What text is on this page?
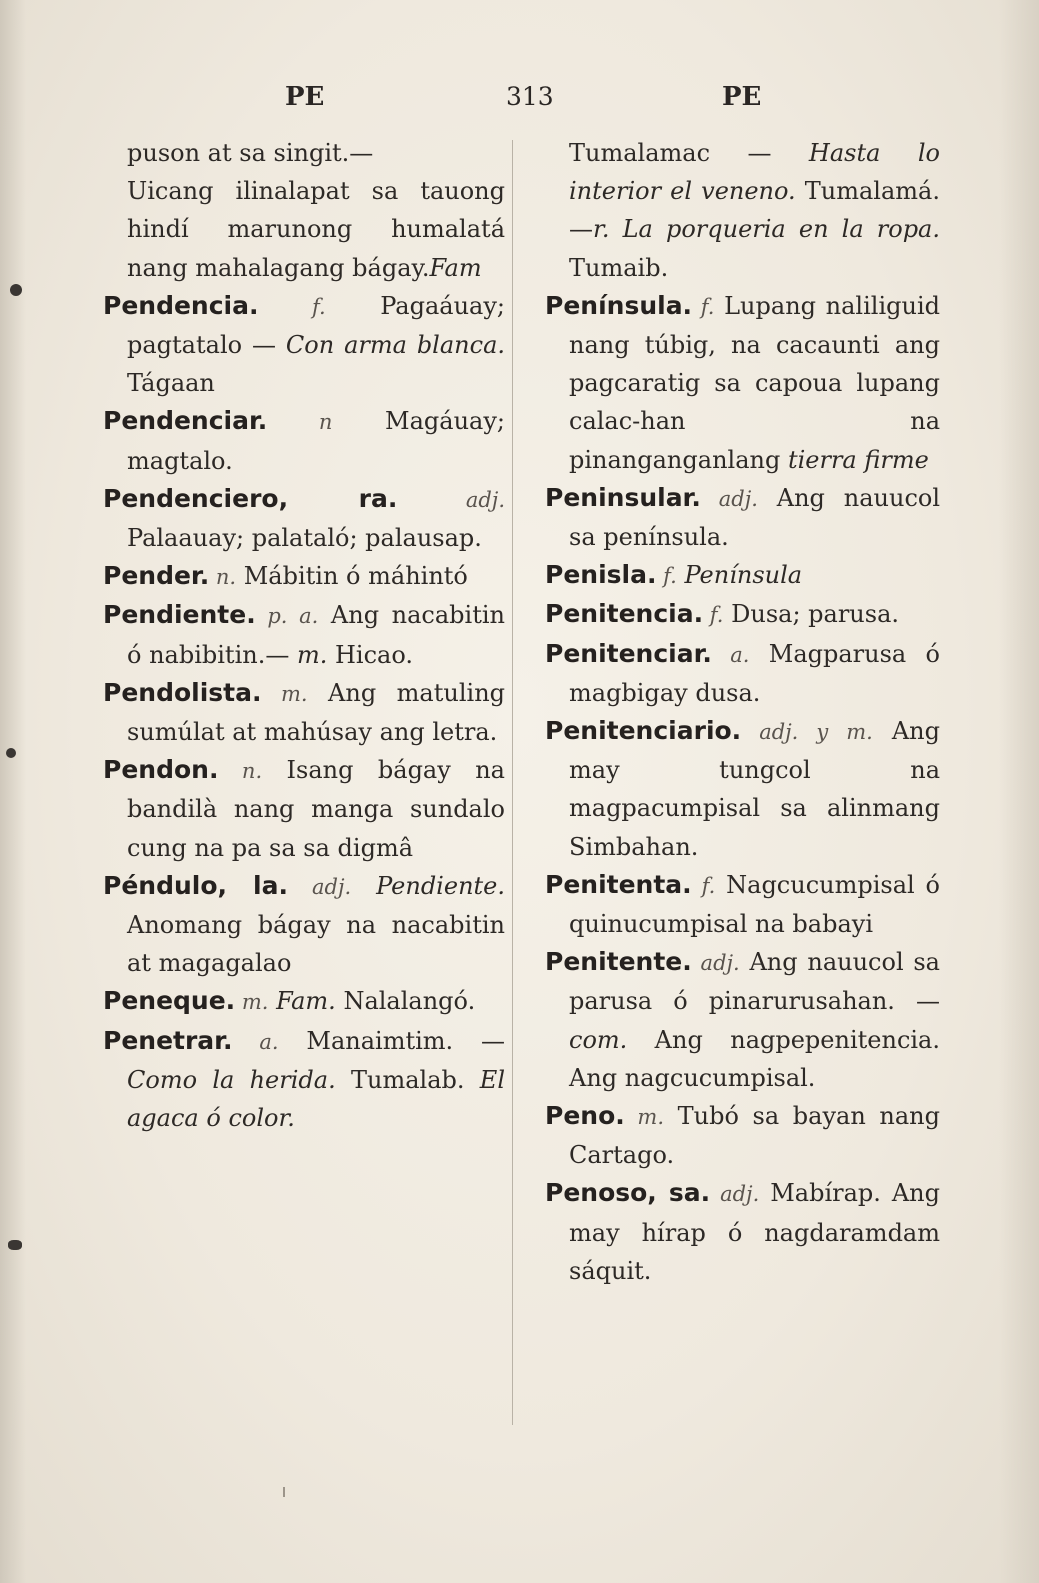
PE	313	PE

puson at sa singit.—

Uicang ilinalapat sa tauong hindí marunong humalatá nang mahalagang bágay.Fam

Pendencia. f. Pagaáuay; pagtatalo — Con arma blanca. Tágaan

Pendenciar. n Magáuay; magtalo.

Pendenciero, ra. adj. Palaauay; palataló; palausap.

Pender. n. Mábitin ó máhintó

Pendiente. p. a. Ang nacabitin ó nabibitin.— m. Hicao.

Pendolista. m. Ang matuling sumúlat at mahúsay ang letra.

Pendon. n. Isang bágay na bandilà nang manga sundalo cung na pa sa sa digmâ

Péndulo, la. adj. Pendiente. Anomang bágay na nacabitin at magagalao

Peneque. m. Fam. Nalalangó.

Penetrar. a. Manaimtim. — Como la herida. Tumalab. El agaca ó color.

Tumalamac — Hasta lo interior el veneno. Tumalamá.—r. La porqueria en la ropa. Tumaib.

Península. f. Lupang naliliguid nang túbig, na cacaunti ang pagcaratig sa capoua lupang calac-han na pinanganganlang tierra firme

Peninsular. adj. Ang nauucol sa península.

Penisla. f. Península

Penitencia. f. Dusa; parusa.

Penitenciar. a. Magparusa ó magbigay dusa.

Penitenciario. adj. y m. Ang may tungcol na magpacumpisal sa alinmang Simbahan.

Penitenta. f. Nagcucumpisal ó quinucumpisal na babayi

Penitente. adj. Ang nauucol sa parusa ó pinarurusahan. — com. Ang nagpepenitencia. Ang nagcucumpisal.

Peno. m. Tubó sa bayan nang Cartago.

Penoso, sa. adj. Mabírap. Ang may hírap ó nagdaramdam sáquit.
